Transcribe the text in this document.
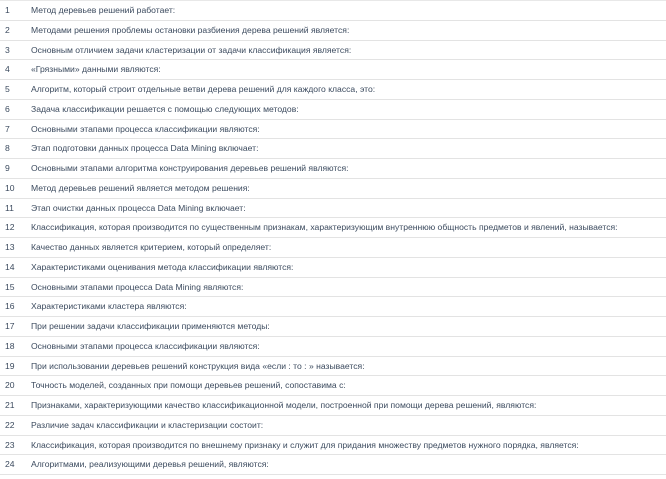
1	Метод деревьев решений работает:
2	Методами решения проблемы остановки разбиения дерева решений является:
3	Основным отличием задачи кластеризации от задачи классификация является:
4	«Грязными» данными являются:
5	Алгоритм, который строит отдельные ветви дерева решений для каждого класса, это:
6	Задача классификации решается с помощью следующих методов:
7	Основными этапами процесса классификации являются:
8	Этап подготовки данных процесса Data Mining включает:
9	Основными этапами алгоритма конструирования деревьев решений являются:
10	Метод деревьев решений является методом решения:
11	Этап очистки данных процесса Data Mining включает:
12	Классификация, которая производится по существенным признакам, характеризующим внутреннюю общность предметов и явлений, называется:
13	Качество данных является критерием, который определяет:
14	Характеристиками оценивания метода классификации являются:
15	Основными этапами процесса Data Mining являются:
16	Характеристиками кластера являются:
17	При решении задачи классификации применяются методы:
18	Основными этапами процесса классификации являются:
19	При использовании деревьев решений конструкция вида «если : то : » называется:
20	Точность моделей, созданных при помощи деревьев решений, сопоставима с:
21	Признаками, характеризующими качество классификационной модели, построенной при помощи дерева решений, являются:
22	Различие задач классификации и кластеризации состоит:
23	Классификация, которая производится по внешнему признаку и служит для придания множеству предметов нужного порядка, является:
24	Алгоритмами, реализующими деревья решений, являются:
